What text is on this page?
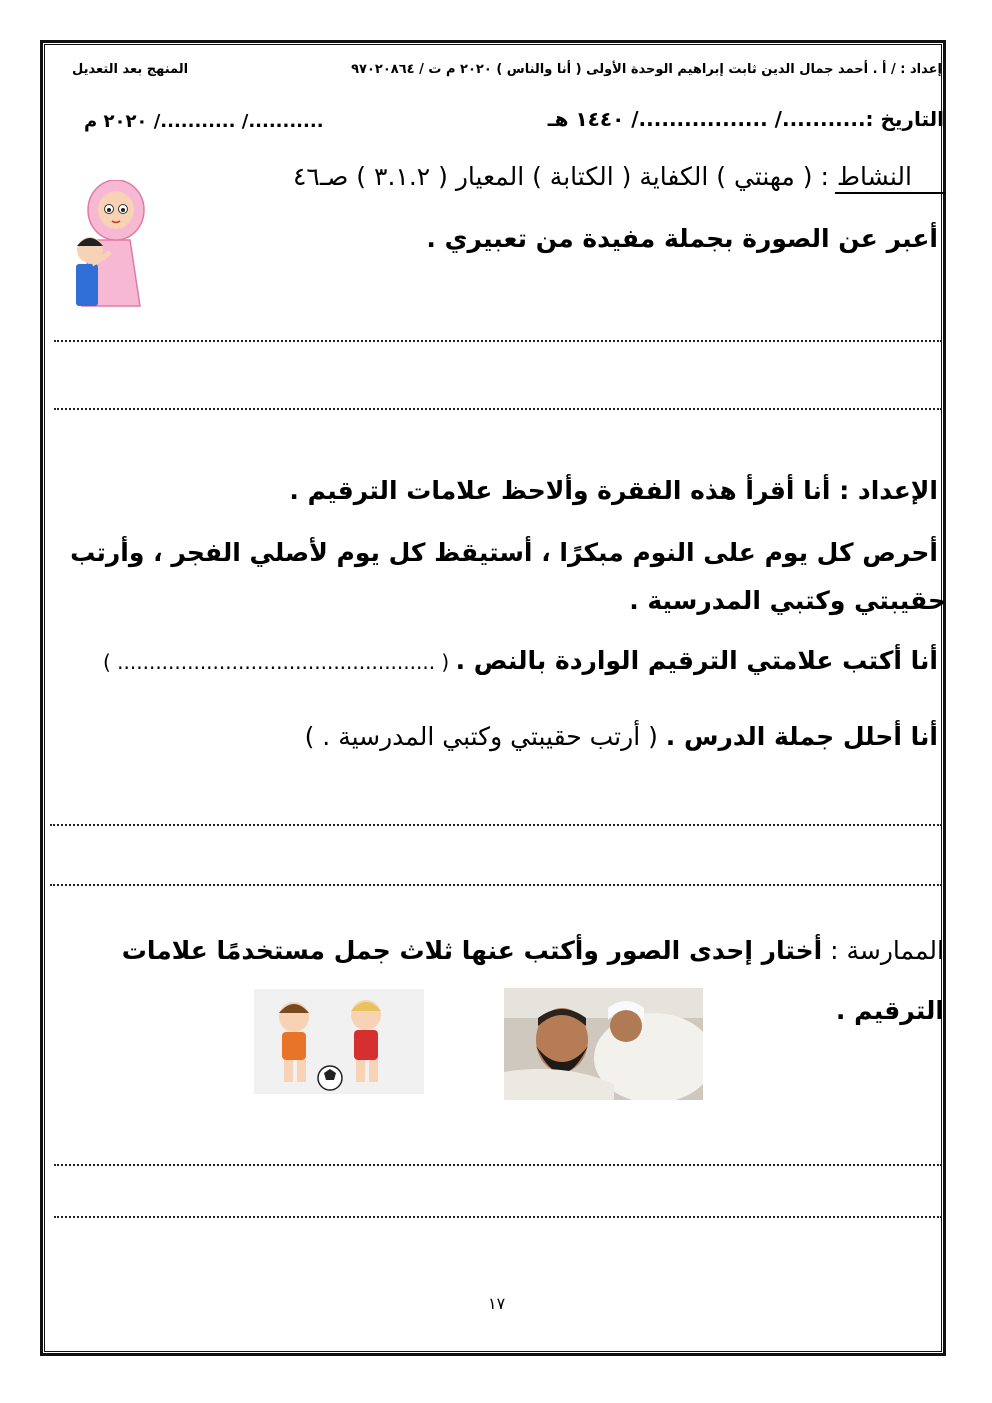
المنهج بعد التعديل	إعداد : / أ . أحمد جمال الدين ثابت إبراهيم الوحدة الأولى ( أنا والناس ) ٢٠٢٠ م ت / ٩٧٠٢٠٨٦٤
التاريخ :.........../ ................./ ١٤٤٠ هـ
.........../ .........../ ٢٠٢٠ م
النشاط : ( مهنتي ) الكفاية ( الكتابة ) المعيار ( ٣.١.٢ ) صـ٤٦
أعبر عن الصورة بجملة مفيدة من تعبيري .
الإعداد : أنا أقرأ هذه الفقرة وألاحظ علامات الترقيم .
أحرص كل يوم على النوم مبكرًا ، أستيقظ كل يوم لأصلي الفجر ، وأرتب
حقيبتي وكتبي المدرسية .
أنا أكتب علامتي الترقيم الواردة بالنص . ( .................................................. )
أنا أحلل جملة الدرس . ( أرتب حقيبتي وكتبي المدرسية . )
الممارسة : أختار إحدى الصور وأكتب عنها ثلاث جمل مستخدمًا علامات
الترقيم .
١٧
